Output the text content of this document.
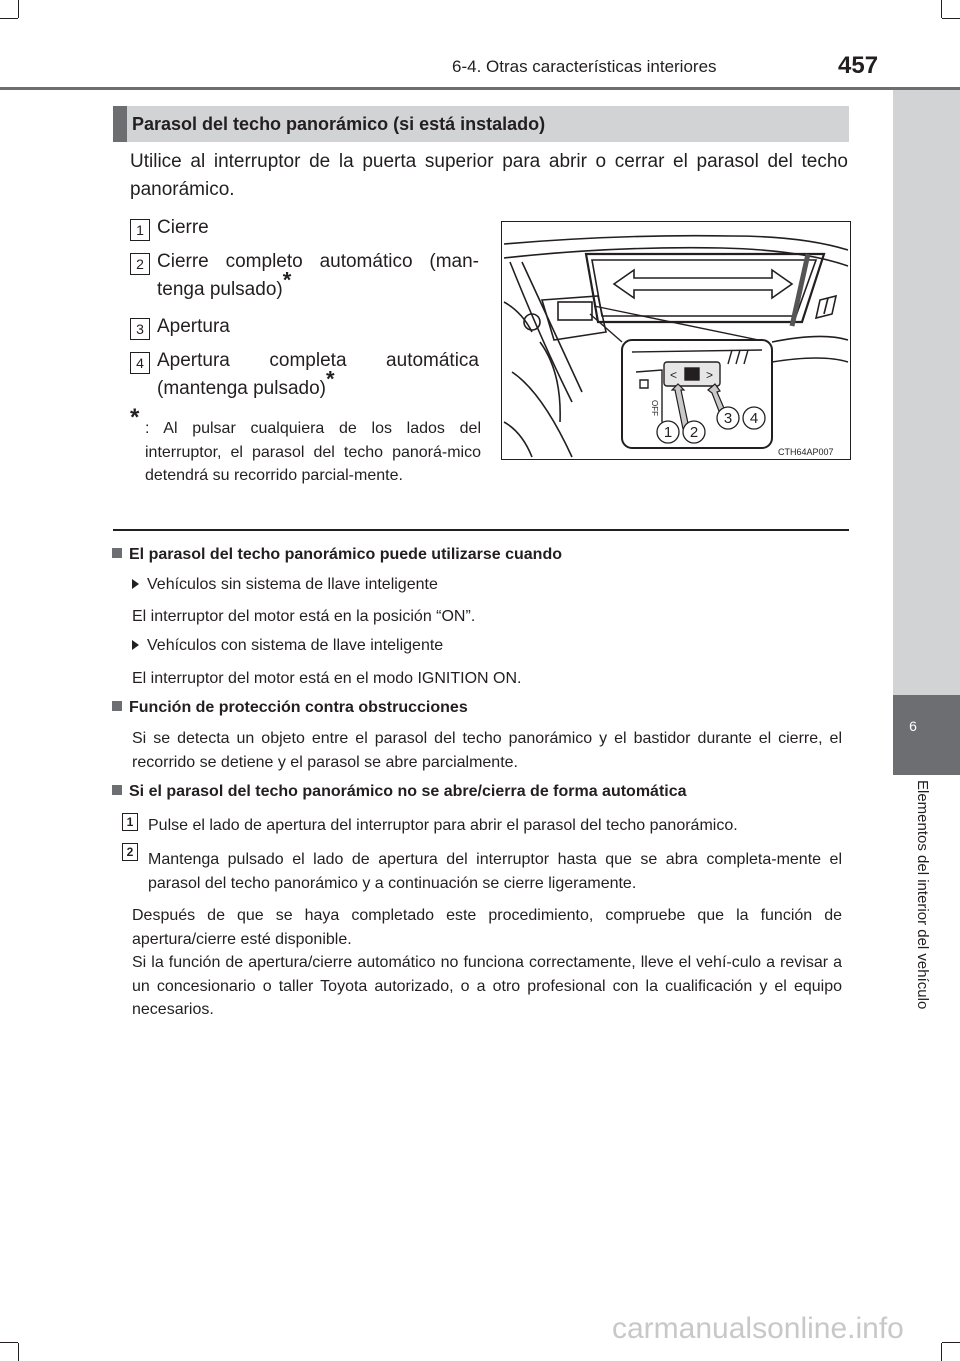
6-4. Otras características interiores	457
6
Elementos del interior del vehículo
Parasol del techo panorámico (si está instalado)
Utilice al interruptor de la puerta superior para abrir o cerrar el parasol del techo panorámico.
1 Cierre
2 Cierre completo automático (man-tenga pulsado)*
3 Apertura
4 Apertura completa automática (mantenga pulsado)*
* : Al pulsar cualquiera de los lados del interruptor, el parasol del techo panorá-mico detendrá su recorrido parcial-mente.
< >
OFF
1 2
3 4
CTH64AP007
El parasol del techo panorámico puede utilizarse cuando
Vehículos sin sistema de llave inteligente
El interruptor del motor está en la posición “ON”.
Vehículos con sistema de llave inteligente
El interruptor del motor está en el modo IGNITION ON.
Función de protección contra obstrucciones
Si se detecta un objeto entre el parasol del techo panorámico y el bastidor durante el cierre, el recorrido se detiene y el parasol se abre parcialmente.
Si el parasol del techo panorámico no se abre/cierra de forma automática
1 Pulse el lado de apertura del interruptor para abrir el parasol del techo panorámico.
2 Mantenga pulsado el lado de apertura del interruptor hasta que se abra completa-mente el parasol del techo panorámico y a continuación se cierre ligeramente.
Después de que se haya completado este procedimiento, compruebe que la función de apertura/cierre esté disponible.
Si la función de apertura/cierre automático no funciona correctamente, lleve el vehí-culo a revisar a un concesionario o taller Toyota autorizado, o a otro profesional con la cualificación y el equipo necesarios.
carmanualsonline.info
